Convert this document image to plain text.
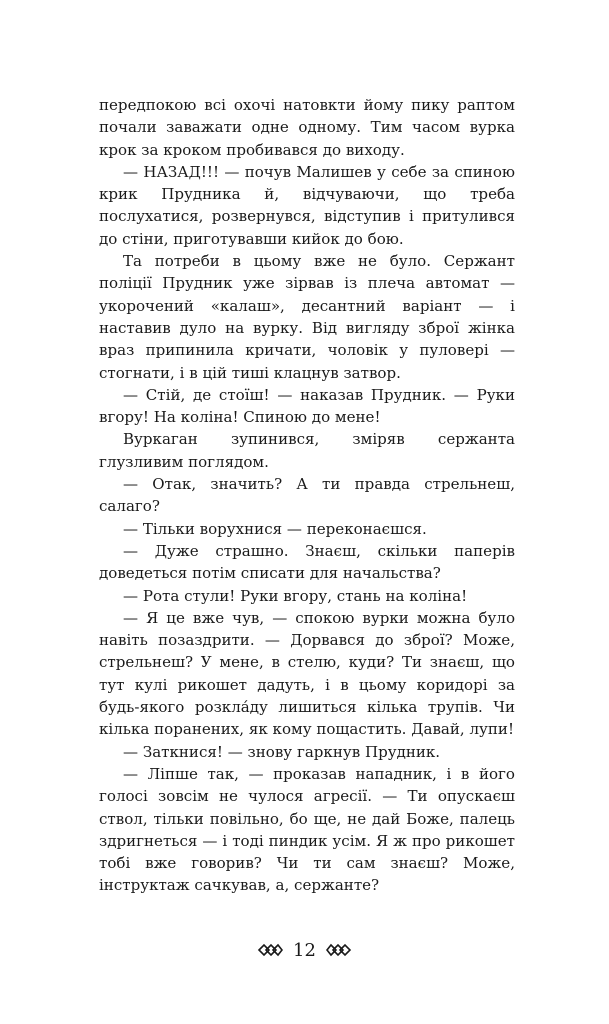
передпокою всі охочі натовкти йому пику раптом почали заважати одне одному. Тим часом вурка крок за кроком пробивався до виходу.

— НАЗАД!!! — почув Малишев у себе за спиною крик Прудника й, відчуваючи, що треба послухатися, розвернувся, відступив і притулився до стіни, приготувавши кийок до бою.

Та потреби в цьому вже не було. Сержант поліції Прудник уже зірвав із плеча автомат — укорочений «калаш», десантний варіант — і наставив дуло на вурку. Від вигляду зброї жінка враз припинила кричати, чоловік у пуловері — стогнати, і в цій тиші клацнув затвор.

— Стій, де стоїш! — наказав Прудник. — Руки вгору! На коліна! Спиною до мене!

Вуркаган зупинився, зміряв сержанта глузливим поглядом.

— Отак, значить? А ти правда стрельнеш, салаго?

— Тільки ворухнися — переконаєшся.

— Дуже страшно. Знаєш, скільки паперів доведеться потім списати для начальства?

— Рота стули! Руки вгору, стань на коліна!

— Я це вже чув, — спокою вурки можна було навіть позаздрити. — Дорвався до зброї? Може, стрельнеш? У мене, в стелю, куди? Ти знаєш, що тут кулі рикошет дадуть, і в цьому коридорі за будь-якого розкла́ду лишиться кілька трупів. Чи кілька поранених, як кому пощастить. Давай, лупи!

— Заткнися! — знову гаркнув Прудник.

— Ліпше так, — проказав нападник, і в його голосі зовсім не чулося агресії. — Ти опускаєш ствол, тільки повільно, бо ще, не дай Боже, палець здригнеться — і тоді пиндик усім. Я ж про рикошет тобі вже говорив? Чи ти сам знаєш? Може, інструктаж сачкував, а, сержанте?

12
